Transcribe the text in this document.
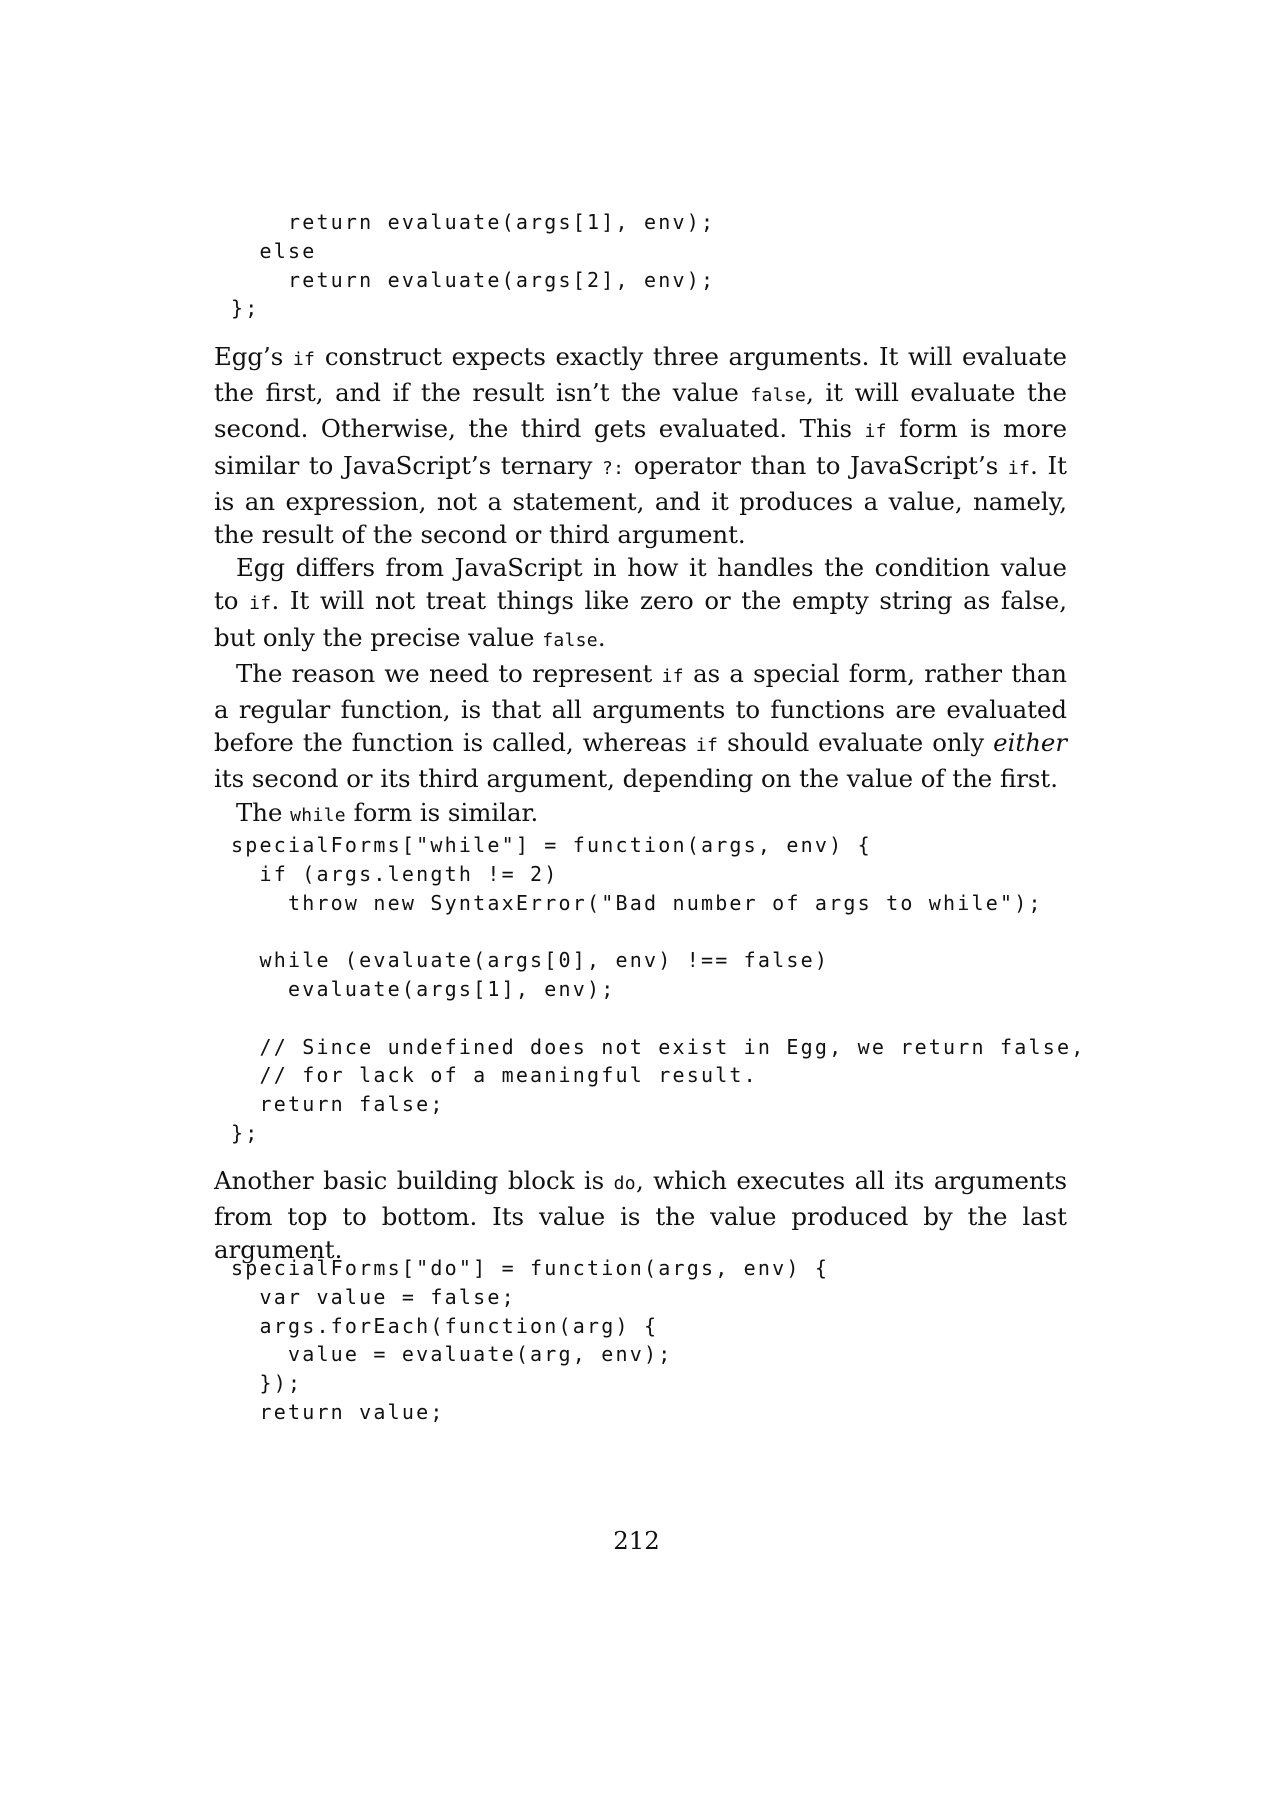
return evaluate(args[1], env);
else
return evaluate(args[2], env);
};

Egg’s if construct expects exactly three arguments. It will evaluate the first, and if the result isn’t the value false, it will evaluate the second. Otherwise, the third gets evaluated. This if form is more similar to JavaScript’s ternary ?: operator than to JavaScript’s if. It is an expression, not a statement, and it produces a value, namely, the result of the second or third argument.

Egg differs from JavaScript in how it handles the condition value to if. It will not treat things like zero or the empty string as false, but only the precise value false.

The reason we need to represent if as a special form, rather than a regular function, is that all arguments to functions are evaluated before the function is called, whereas if should evaluate only either its second or its third argument, depending on the value of the first.

The while form is similar.

specialForms["while"] = function(args, env) {
if (args.length != 2)
throw new SyntaxError("Bad number of args to while");
while (evaluate(args[0], env) !== false)
evaluate(args[1], env);
// Since undefined does not exist in Egg, we return false,
// for lack of a meaningful result.
return false;
};

Another basic building block is do, which executes all its arguments from top to bottom. Its value is the value produced by the last argument.

specialForms["do"] = function(args, env) {
var value = false;
args.forEach(function(arg) {
value = evaluate(arg, env);
});
return value;
212
